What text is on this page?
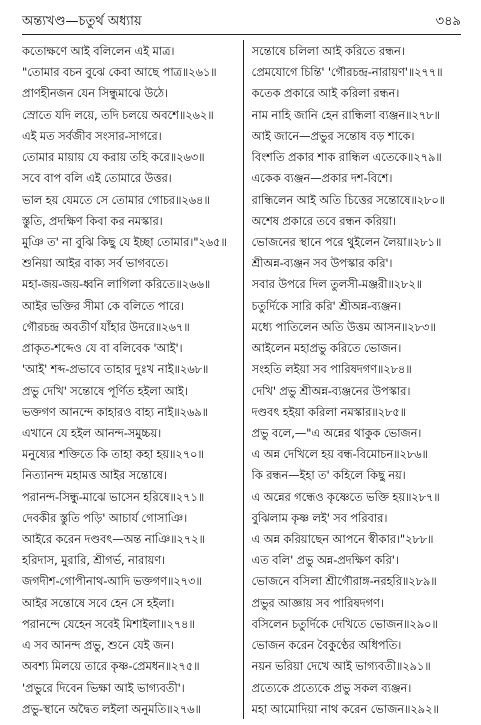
অন্ত্যখণ্ড—চতুর্থ অধ্যায়	৩৪৯
কতোক্ষণে আই বলিলেন এই মাত্র।
"তোমার বচন বুঝে কেবা আছে পাত্র॥২৬১॥
প্রাণহীনজন যেন সিন্ধুমাঝে উঠে।
স্রোতে যদি লয়ে, তদি চলয়ে অবশে॥২৬২॥
এই মত সর্বজীব সংসার-সাগরে।
তোমার মায়ায় যে করায় তহি করে॥২৬৩॥
সবে বাপ বলি এই তোমারে উত্তর।
ভাল হয় যেমতে সে তোমার গোচর॥২৬৪॥
স্তুতি, প্রদক্ষিণ কিবা কর নমস্কার।
মুঞি ত' না বুঝি কিছু যে ইচ্ছা তোমার।"২৬৫॥
শুনিয়া আইর বাক্য সর্ব ভাগবতে।
মহা-জয়-জয়-ধ্বনি লাগিলা করিতে॥২৬৬॥
আইর ভক্তির সীমা কে বলিতে পারে।
গৌরচন্দ্র অবতীর্ণ যাঁহার উদরে॥২৬৭॥
প্রাকৃত-শব্দেও যে বা বলিবেক 'আই'।
'আই' শব্দ-প্রভাবে তাহার দুঃখ নাই॥২৬৮॥
প্রভু দেখি' সন্তোষে পূর্ণিত হইলা আই।
ভক্তগণ আনন্দে কাহারও বাহ্য নাই॥২৬৯॥
এখানে যে হইল আনন্দ-সমুচ্চয়।
মনুষ্যের শক্তিতে কি তাহা কহা হয়॥২৭০॥
নিত্যানন্দ মহামত্ত আইর সন্তোষে।
পরানন্দ-সিন্ধু-মাঝে ভাসেন হরিষে॥২৭১॥
দেবকীর স্তুতি পড়ি' আচার্য গোসাঞি।
আইরে করেন দণ্ডবৎ—অন্ত নাঞি॥২৭২॥
হরিদাস, মুরারি, শ্রীগর্ভ, নারায়ণ।
জগদীশ-গোপীনাথ-আদি ভক্তগণ॥২৭৩॥
আইর সন্তোষে সবে হেন সে হইলা।
পরানন্দে যেহেন সবেই মিশাইলা॥২৭৪॥
এ সব আনন্দ প্রভু, শুনে যেই জন।
অবশ্য মিলয়ে তারে কৃষ্ণ-প্রেমধন॥২৭৫॥
'প্রভুরে দিবেন ভিক্ষা আই ভাগ্যবতী'।
প্রভু-স্থানে অদ্বৈত লইলা অনুমতি॥২৭৬॥
সন্তোষে চলিলা আই করিতে রন্ধন।
প্রেমযোগে চিন্তি' 'গৌরচন্দ্র-নারায়ণ'॥২৭৭॥
কতেক প্রকারে আই করিলা রন্ধন।
নাম নাহি জানি হেন রান্ধিলা ব্যঞ্জন॥২৭৮॥
আই জানে—প্রভুর সন্তোষ বড় শাকে।
বিংশতি প্রকার শাক রান্ধিল এতেকে॥২৭৯॥
একেক ব্যঞ্জন—প্রকার দশ-বিশে।
রান্ধিলেন আই অতি চিত্তের সন্তোষে॥২৮০॥
অশেষ প্রকারে তবে রন্ধন করিয়া।
ভোজনের স্থানে পরে থুইলেন লৈয়া॥২৮১॥
শ্রীঅন্ন-ব্যঞ্জন সব উপস্কার করি'।
সবার উপরে দিল তুলসী-মঞ্জরী॥২৮২॥
চতুর্দিকে সারি করি' শ্রীঅন্ন-ব্যঞ্জন।
মধ্যে পাতিলেন অতি উত্তম আসন॥২৮৩॥
আইলেন মহাপ্রভু করিতে ভোজন।
সংহতি লইয়া সব পারিষদগণ॥২৮৪॥
দেখি' প্রভু শ্রীঅন্ন-ব্যঞ্জনের উপস্কার।
দণ্ডবৎ হইয়া করিলা নমস্কার॥২৮৫॥
প্রভু বলে,—"এ অন্নের থাকুক ভোজন।
এ অন্ন দেখিলে হয় বন্ধ-বিমোচন॥২৮৬॥
কি রন্ধন—ইহা ত' কহিলে কিছু নয়।
এ অন্নের গন্ধেও কৃষ্ণেতে ভক্তি হয়॥২৮৭॥
বুঝিলাম কৃষ্ণ লই' সব পরিবার।
এ অন্ন করিয়াছেন আপনে স্বীকার।"২৮৮॥
এত বলি' প্রভু অন্ন-প্রদক্ষিণ করি'।
ভোজনে বসিলা শ্রীগৌরাঙ্গ-নরহরি॥২৮৯॥
প্রভুর আজ্ঞায় সব পারিষদগণ।
বসিলেন চতুর্দিকে দেখিতে ভোজন॥২৯০॥
ভোজন করেন বৈকুণ্ঠের অধিপতি।
নয়ন ভরিয়া দেখে আই ভাগ্যবতী॥২৯১॥
প্রত্যেকে প্রত্যেকে প্রভু সকল ব্যঞ্জন।
মহা আমোদিয়া নাথ করেন ভোজন॥২৯২॥
